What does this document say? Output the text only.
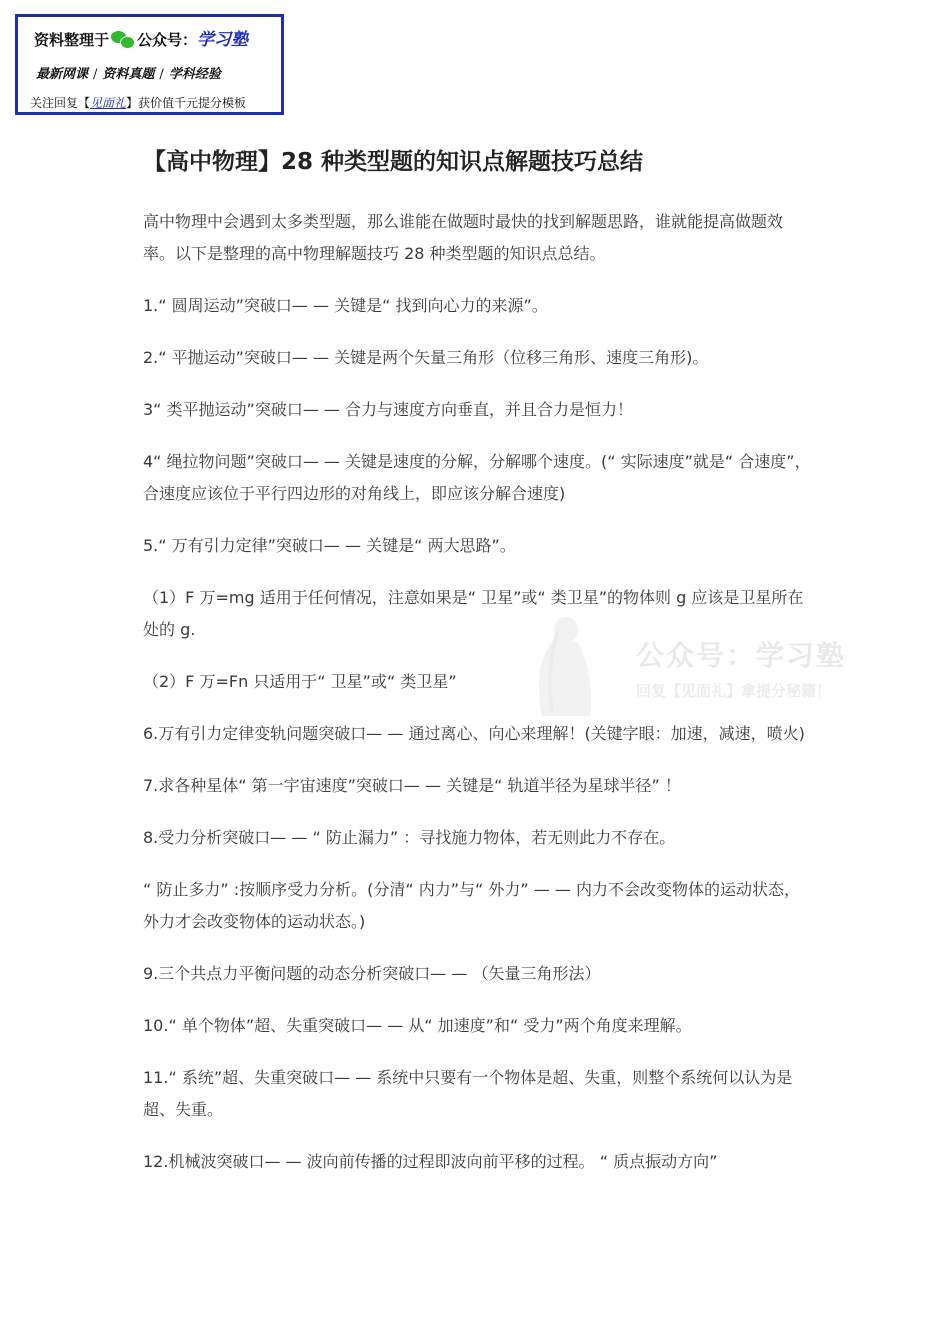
资料整理于 公众号：学习塾
最新网课 / 资料真题 / 学科经验
关注回复【见面礼】获价值千元提分模板
【高中物理】28 种类型题的知识点解题技巧总结

高中物理中会遇到太多类型题，那么谁能在做题时最快的找到解题思路，谁就能提高做题效率。以下是整理的高中物理解题技巧 28 种类型题的知识点总结。

1.“ 圆周运动”突破口— — 关键是“ 找到向心力的来源”。

2.“ 平抛运动”突破口— — 关键是两个矢量三角形（位移三角形、速度三角形)。

3“ 类平抛运动”突破口— — 合力与速度方向垂直，并且合力是恒力！

4“ 绳拉物问题”突破口— — 关键是速度的分解，分解哪个速度。(“ 实际速度”就是“ 合速度”，合速度应该位于平行四边形的对角线上，即应该分解合速度)

5.“ 万有引力定律”突破口— — 关键是“ 两大思路”。

（1）F 万=mg 适用于任何情况，注意如果是“ 卫星”或“ 类卫星”的物体则 g 应该是卫星所在处的 g.

（2）F 万=Fn 只适用于“ 卫星”或“ 类卫星”

6.万有引力定律变轨问题突破口— — 通过离心、向心来理解！(关键字眼：加速，减速，喷火)

7.求各种星体“ 第一宇宙速度”突破口— — 关键是“ 轨道半径为星球半径” ！

8.受力分析突破口— — “ 防止漏力” ：寻找施力物体，若无则此力不存在。

“ 防止多力” :按顺序受力分析。(分清“ 内力”与“ 外力” — — 内力不会改变物体的运动状态，外力才会改变物体的运动状态。)

9.三个共点力平衡问题的动态分析突破口— — （矢量三角形法）

10.“ 单个物体”超、失重突破口— — 从“ 加速度”和“ 受力”两个角度来理解。

11.“ 系统”超、失重突破口— — 系统中只要有一个物体是超、失重，则整个系统何以认为是超、失重。

12.机械波突破口— — 波向前传播的过程即波向前平移的过程。 “ 质点振动方向”

公众号：学习塾
回复【见面礼】拿提分秘籍！
